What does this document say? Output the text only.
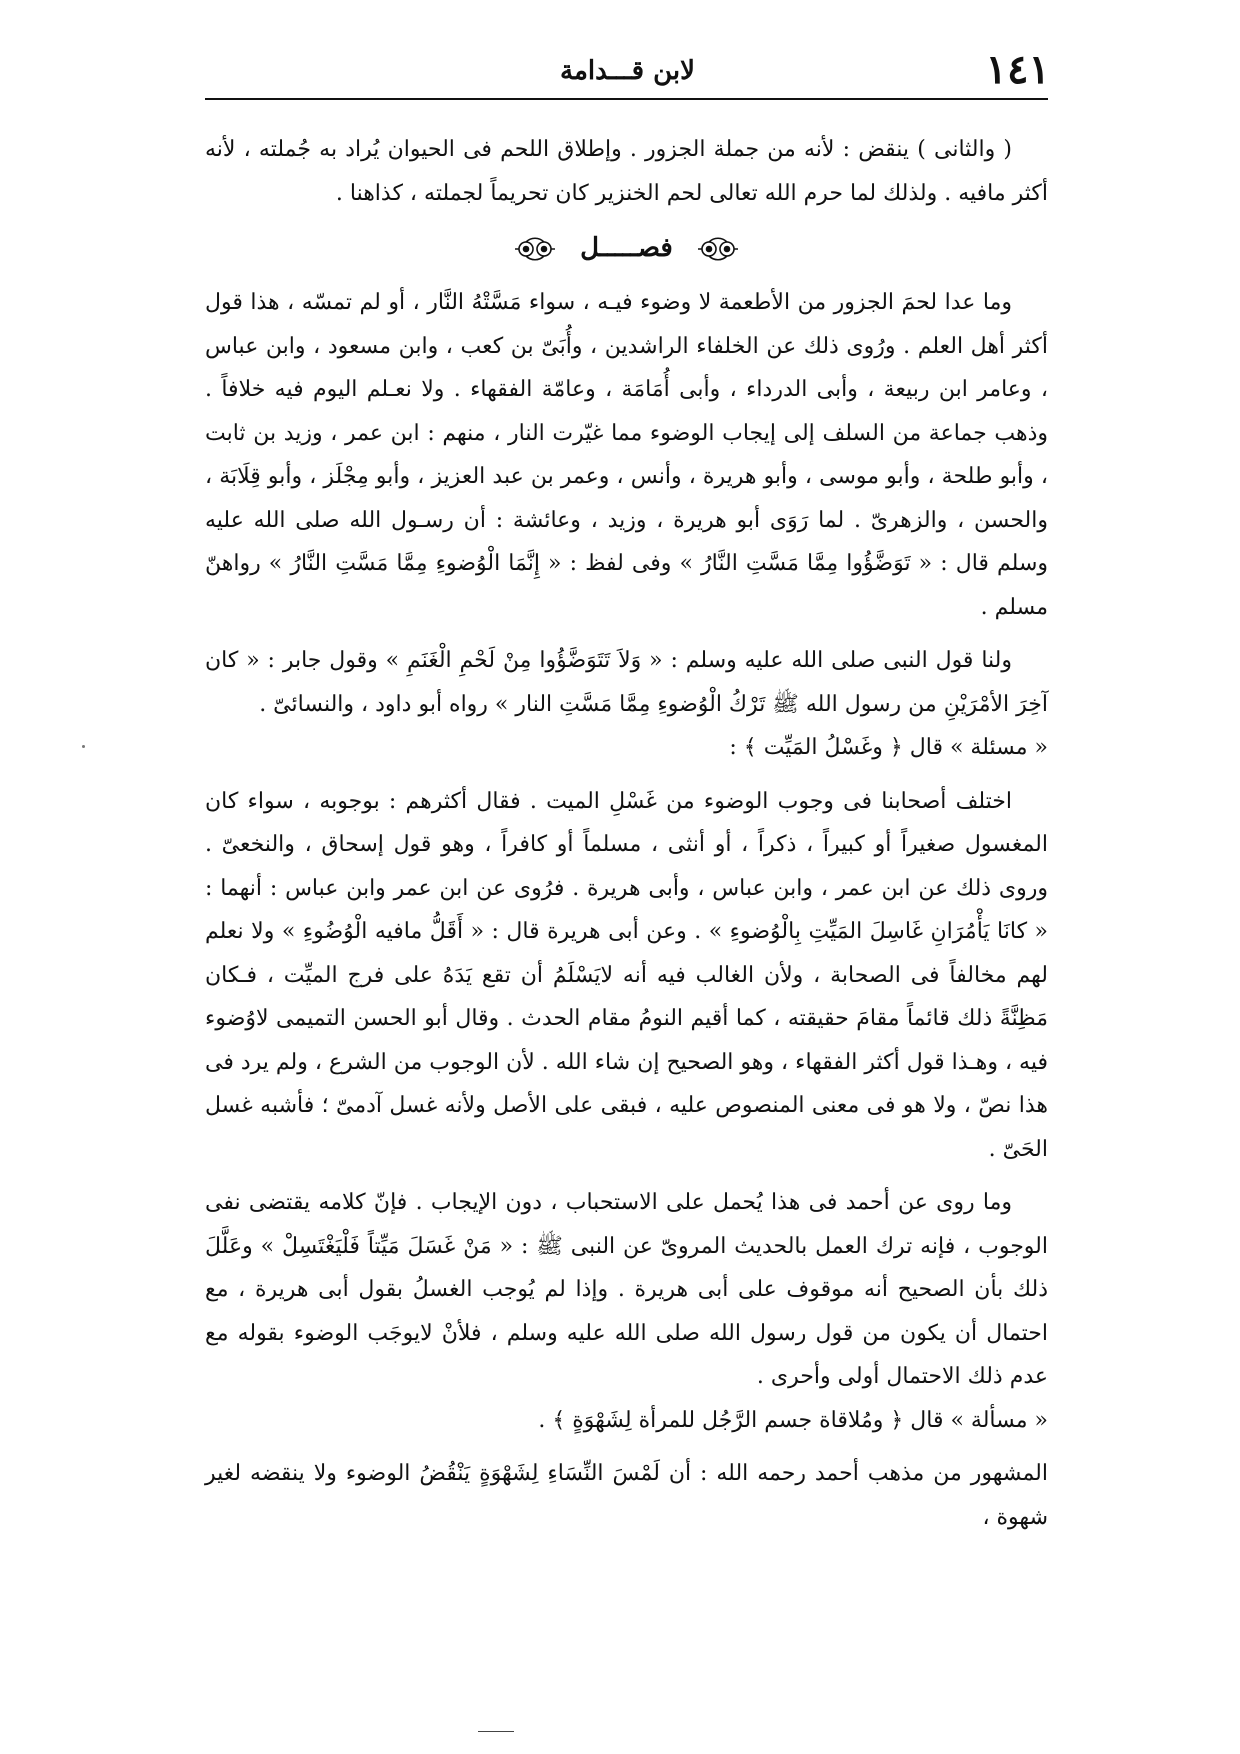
١٤١
لابن قـــدامة

( والثانى ) ينقض : لأنه من جملة الجزور . وإطلاق اللحم فى الحيوان يُراد به جُملته ، لأنه أكثر مافيه . ولذلك لما حرم الله تعالى لحم الخنزير كان تحريماً لجملته ، كذاهنا .

فصـــــل

وما عدا لحمَ الجزور من الأطعمة لا وضوء فيـه ، سواء مَسَّتْهُ النَّار ، أو لم تمسّه ، هذا قول أكثر أهل العلم . ورُوى ذلك عن الخلفاء الراشدين ، وأُبَىّ بن كعب ، وابن مسعود ، وابن عباس ، وعامر ابن ربيعة ، وأبى الدرداء ، وأبى أُمَامَة ، وعامّة الفقهاء . ولا نعـلم اليوم فيه خلافاً . وذهب جماعة من السلف إلى إيجاب الوضوء مما غيّرت النار ، منهم : ابن عمر ، وزيد بن ثابت ، وأبو طلحة ، وأبو موسى ، وأبو هريرة ، وأنس ، وعمر بن عبد العزيز ، وأبو مِجْلَز ، وأبو قِلَابَة ، والحسن ، والزهرىّ . لما رَوَى أبو هريرة ، وزيد ، وعائشة : أن رسـول الله صلى الله عليه وسلم قال : « تَوَضَّؤُوا مِمَّا مَسَّتِ النَّارُ » وفى لفظ : « إِنَّمَا الْوُضوءِ مِمَّا مَسَّتِ النَّارُ » رواهنّ مسلم .

ولنا قول النبى صلى الله عليه وسلم : « وَلاَ تَتَوَضَّؤُوا مِنْ لَحْمِ الْغَنَمِ » وقول جابر : « كان آخِرَ الأمْرَيْنِ من رسول الله ﷺ تَرْكُ الْوُضوءِ مِمَّا مَسَّتِ النار » رواه أبو داود ، والنسائىّ .

« مسئلة » قال ﴿ وغَسْلُ المَيِّت ﴾ :

اختلف أصحابنا فى وجوب الوضوء من غَسْلِ الميت . فقال أكثرهم : بوجوبه ، سواء كان المغسول صغيراً أو كبيراً ، ذكراً ، أو أنثى ، مسلماً أو كافراً ، وهو قول إسحاق ، والنخعىّ . وروى ذلك عن ابن عمر ، وابن عباس ، وأبى هريرة . فرُوى عن ابن عمر وابن عباس : أنهما : « كانَا يَأْمُرَانِ غَاسِلَ المَيِّتِ بِالْوُضوءِ » . وعن أبى هريرة قال : « أَقَلُّ مافيه الْوُضُوءِ » ولا نعلم لهم مخالفاً فى الصحابة ، ولأن الغالب فيه أنه لايَسْلَمُ أن تقع يَدَهُ على فرج الميِّت ، فـكان مَظِنَّةً ذلك قائماً مقامَ حقيقته ، كما أقيم النومُ مقام الحدث . وقال أبو الحسن التميمى لاوُضوء فيه ، وهـذا قول أكثر الفقهاء ، وهو الصحيح إن شاء الله . لأن الوجوب من الشرع ، ولم يرد فى هذا نصّ ، ولا هو فى معنى المنصوص عليه ، فبقى على الأصل ولأنه غسل آدمىّ ؛ فأشبه غسل الحَىّ .

وما روى عن أحمد فى هذا يُحمل على الاستحباب ، دون الإيجاب . فإنّ كلامه يقتضى نفى الوجوب ، فإنه ترك العمل بالحديث المروىّ عن النبى ﷺ : « مَنْ غَسَلَ مَيِّتاً فَلْيَغْتَسِلْ » وعَلَّلَ ذلك بأن الصحيح أنه موقوف على أبى هريرة . وإذا لم يُوجب الغسلُ بقول أبى هريرة ، مع احتمال أن يكون من قول رسول الله صلى الله عليه وسلم ، فلأنْ لايوجَب الوضوء بقوله مع عدم ذلك الاحتمال أولى وأحرى .

« مسألة » قال ﴿ ومُلاقاة جسم الرَّجُل للمرأة لِشَهْوَةٍ ﴾ .

المشهور من مذهب أحمد رحمه الله : أن لَمْسَ النِّسَاءِ لِشَهْوَةٍ يَنْقُضُ الوضوء ولا ينقضه لغير شهوة ،
